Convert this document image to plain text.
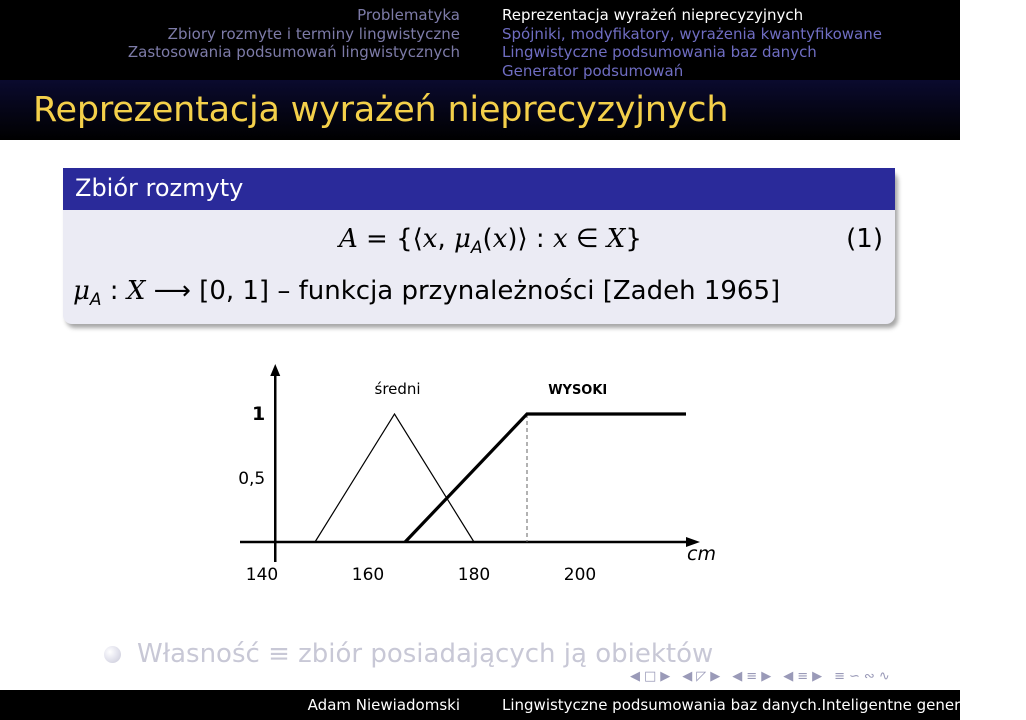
Problematyka
Zbiory rozmyte i terminy lingwistyczne
Zastosowania podsumowań lingwistycznych
Reprezentacja wyrażeń nieprecyzyjnych
Spójniki, modyfikatory, wyrażenia kwantyfikowane
Lingwistyczne podsumowania baz danych
Generator podsumowań
Reprezentacja wyrażeń nieprecyzyjnych
Zbiór rozmyty
A = {⟨x, $\mu_A(x)⟩$ : x ∈ X}	(1)
$\mu_A$ : X ⟶ [0, 1] – funkcja przynależności [Zadeh 1965]
0,5
1
140	160	180	200
cm
średni	WYSOKI
Własność ≡ zbiór posiadających ją obiektów
◀ □ ▶ ◀ ◸ ▶ ◀ ≡ ▶ ◀ ≡ ▶ ≡ ∽ ∾ ∿
Adam Niewiadomski	Lingwistyczne podsumowania baz danych.Inteligentne generowanie s
